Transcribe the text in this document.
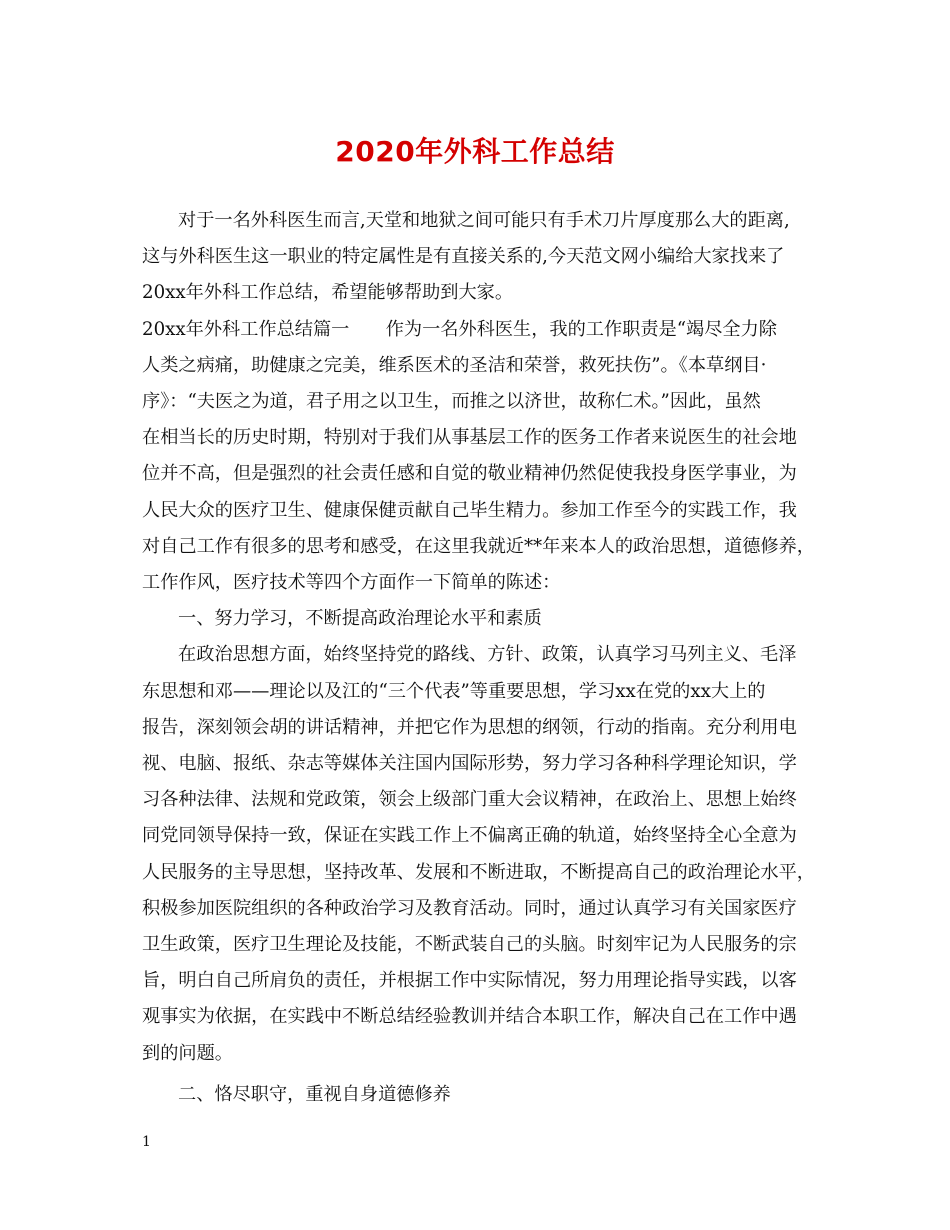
2020年外科工作总结
对于一名外科医生而言,天堂和地狱之间可能只有手术刀片厚度那么大的距离,
这与外科医生这一职业的特定属性是有直接关系的,今天范文网小编给大家找来了
20xx年外科工作总结，希望能够帮助到大家。
20xx年外科工作总结篇一　　作为一名外科医生，我的工作职责是“竭尽全力除
人类之病痛，助健康之完美，维系医术的圣洁和荣誉，救死扶伤”。《本草纲目·
序》：“夫医之为道，君子用之以卫生，而推之以济世，故称仁术。”因此，虽然
在相当长的历史时期，特别对于我们从事基层工作的医务工作者来说医生的社会地
位并不高，但是强烈的社会责任感和自觉的敬业精神仍然促使我投身医学事业，为
人民大众的医疗卫生、健康保健贡献自己毕生精力。参加工作至今的实践工作，我
对自己工作有很多的思考和感受，在这里我就近**年来本人的政治思想，道德修养，
工作作风，医疗技术等四个方面作一下简单的陈述：
一、努力学习，不断提高政治理论水平和素质
在政治思想方面，始终坚持党的路线、方针、政策，认真学习马列主义、毛泽
东思想和邓——理论以及江的“三个代表”等重要思想，学习xx在党的xx大上的
报告，深刻领会胡的讲话精神，并把它作为思想的纲领，行动的指南。充分利用电
视、电脑、报纸、杂志等媒体关注国内国际形势，努力学习各种科学理论知识，学
习各种法律、法规和党政策，领会上级部门重大会议精神，在政治上、思想上始终
同党同领导保持一致，保证在实践工作上不偏离正确的轨道，始终坚持全心全意为
人民服务的主导思想，坚持改革、发展和不断进取，不断提高自己的政治理论水平，
积极参加医院组织的各种政治学习及教育活动。同时，通过认真学习有关国家医疗
卫生政策，医疗卫生理论及技能，不断武装自己的头脑。时刻牢记为人民服务的宗
旨，明白自己所肩负的责任，并根据工作中实际情况，努力用理论指导实践，以客
观事实为依据，在实践中不断总结经验教训并结合本职工作，解决自己在工作中遇
到的问题。
二、恪尽职守，重视自身道德修养
1
